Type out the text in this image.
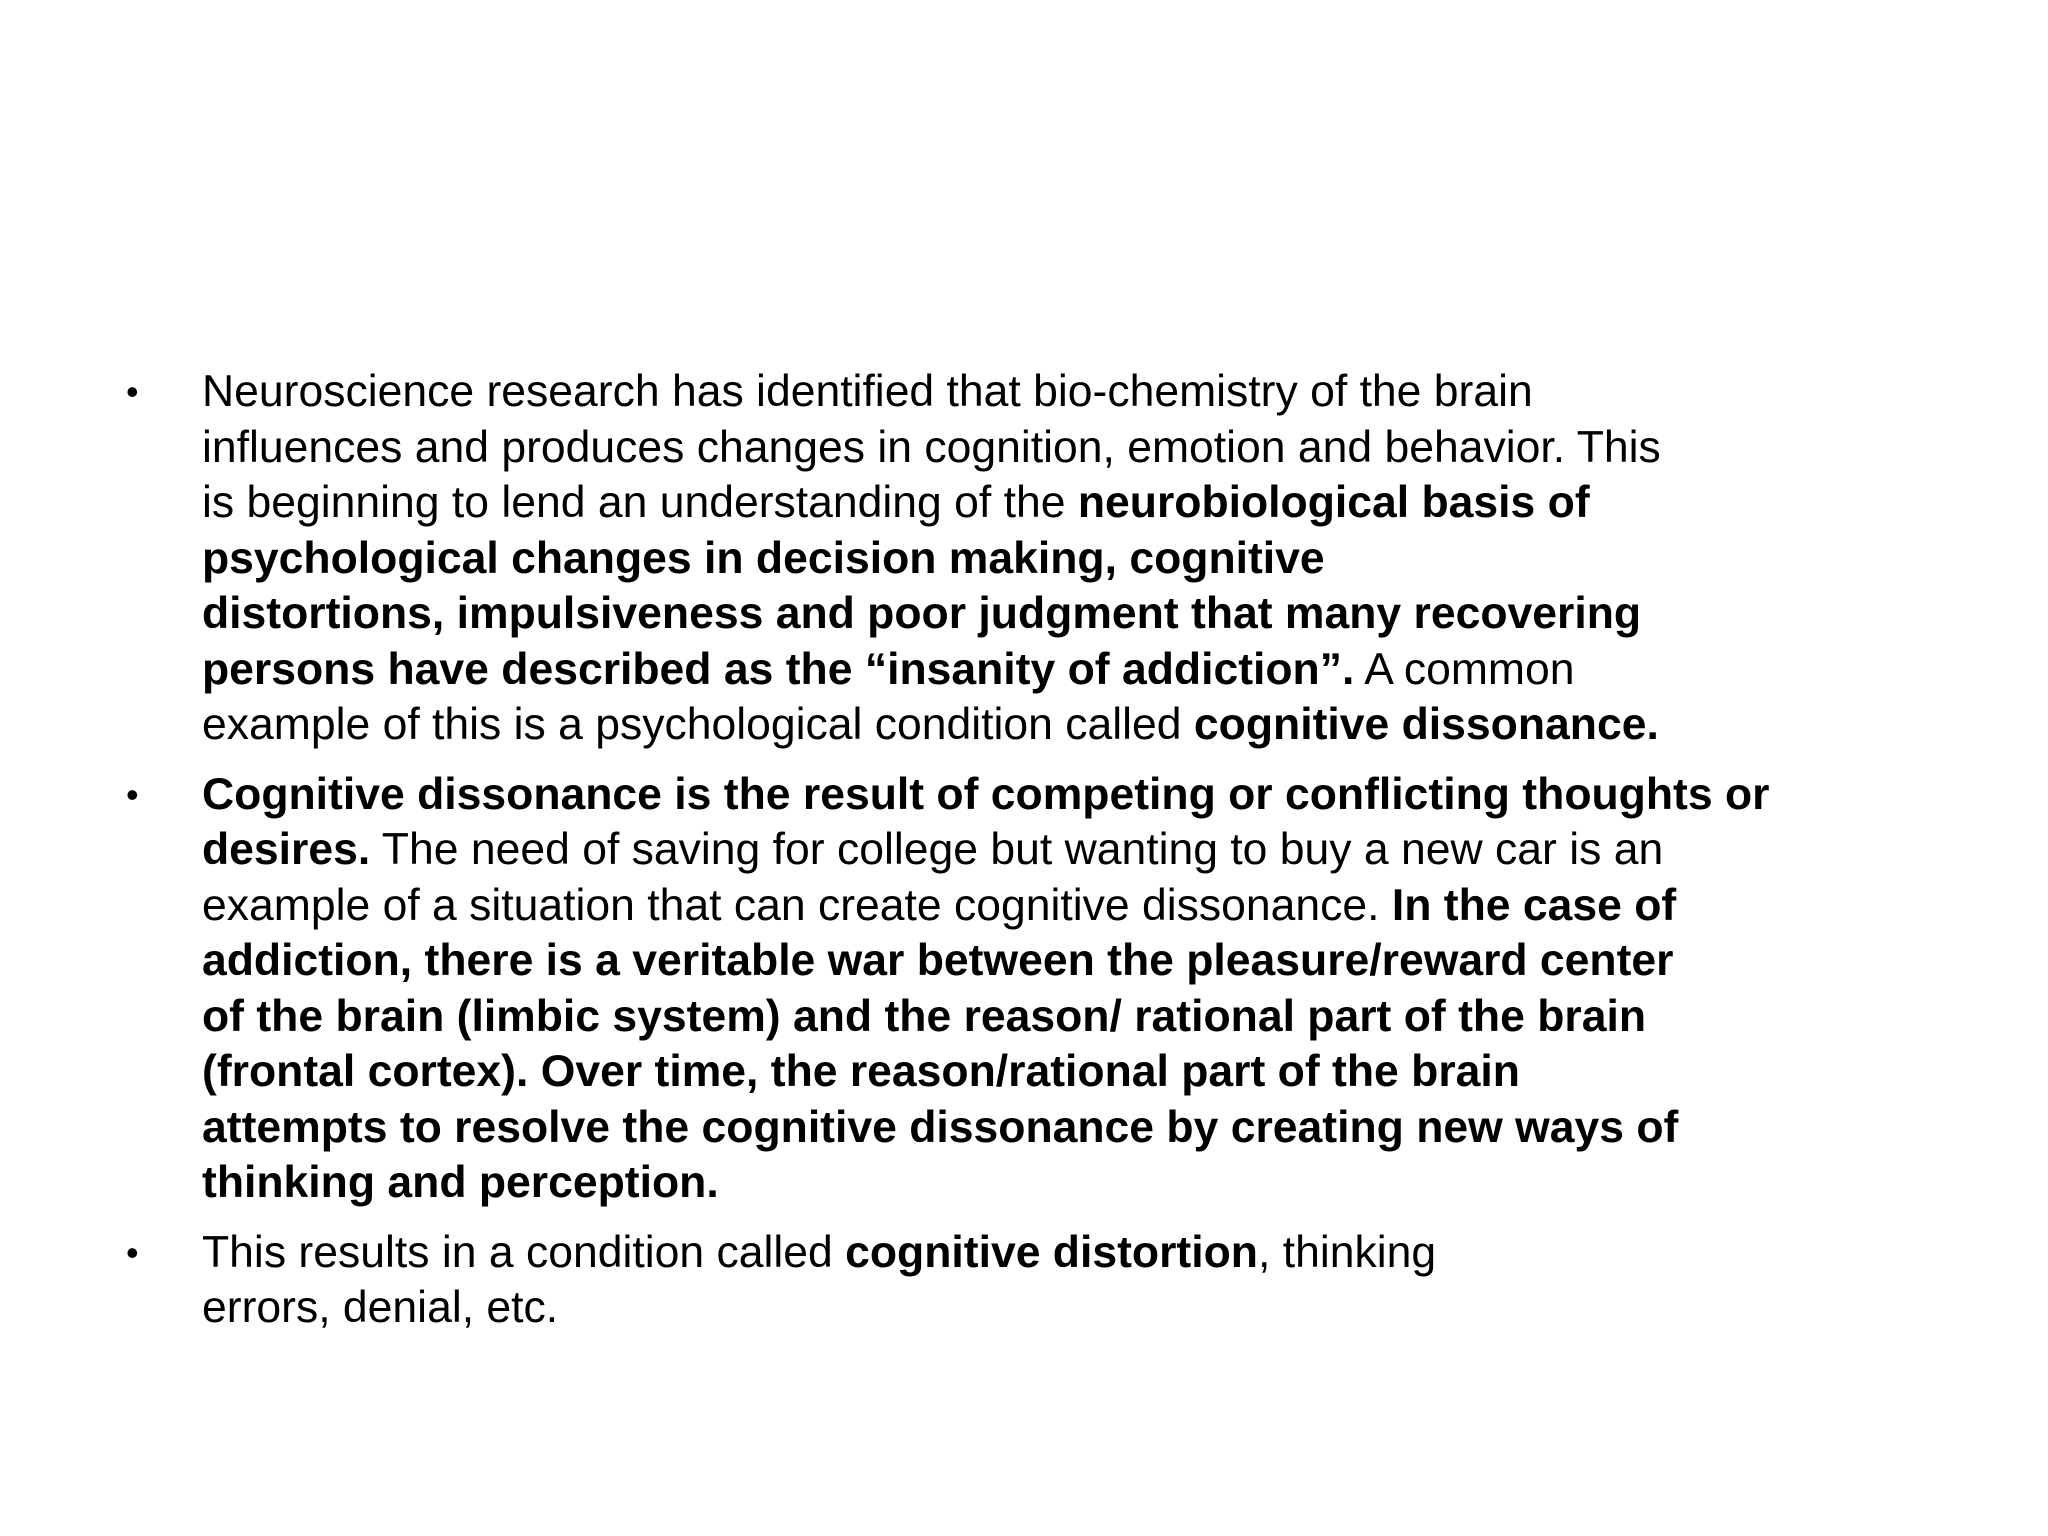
• Neuroscience research has identified that bio-chemistry of the brain
influences and produces changes in cognition, emotion and behavior. This
is beginning to lend an understanding of the neurobiological basis of
psychological changes in decision making, cognitive
distortions, impulsiveness and poor judgment that many recovering
persons have described as the “insanity of addiction”. A common
example of this is a psychological condition called cognitive dissonance.
• Cognitive dissonance is the result of competing or conflicting thoughts or
desires. The need of saving for college but wanting to buy a new car is an
example of a situation that can create cognitive dissonance. In the case of
addiction, there is a veritable war between the pleasure/reward center
of the brain (limbic system) and the reason/ rational part of the brain
(frontal cortex). Over time, the reason/rational part of the brain
attempts to resolve the cognitive dissonance by creating new ways of
thinking and perception.
• This results in a condition called cognitive distortion, thinking
errors, denial, etc.
